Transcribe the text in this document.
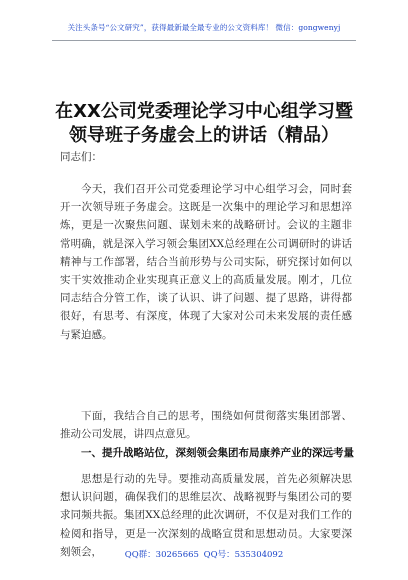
关注头条号“公文研究”，获得最新最全最专业的公文资料库！ 微信：gongwenyj
在XX公司党委理论学习中心组学习暨领导班子务虚会上的讲话（精品）

同志们：

今天，我们召开公司党委理论学习中心组学习会，同时套开一次领导班子务虚会。这既是一次集中的理论学习和思想淬炼，更是一次聚焦问题、谋划未来的战略研讨。会议的主题非常明确，就是深入学习领会集团XX总经理在公司调研时的讲话精神与工作部署，结合当前形势与公司实际，研究探讨如何以实干实效推动企业实现真正意义上的高质量发展。刚才，几位同志结合分管工作，谈了认识、讲了问题、提了思路，讲得都很好，有思考、有深度，体现了大家对公司未来发展的责任感与紧迫感。

下面，我结合自己的思考，围绕如何贯彻落实集团部署、推动公司发展，讲四点意见。

一、提升战略站位，深刻领会集团布局康养产业的深远考量

思想是行动的先导。要推动高质量发展，首先必须解决思想认识问题，确保我们的思维层次、战略视野与集团公司的要求同频共振。集团XX总经理的此次调研，不仅是对我们工作的检阅和指导，更是一次深刻的战略宣贯和思想动员。大家要深刻领会，	QQ群：30265665 QQ号：535304092
